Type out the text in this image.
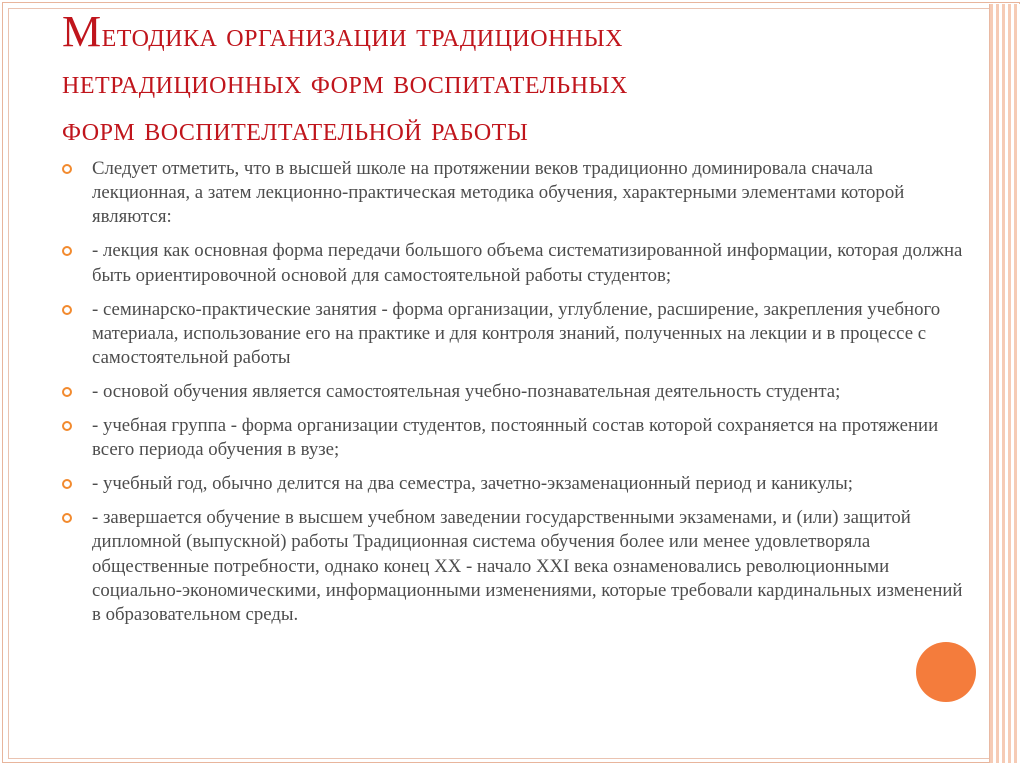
Методика организации традиционных
нетрадиционных форм воспитательных
форм воспителтательной работы
Следует отметить, что в высшей школе на протяжении веков традиционно доминировала сначала лекционная, а затем лекционно-практическая методика обучения, характерными элементами которой являются:
- лекция как основная форма передачи большого объема систематизированной информации, которая должна быть ориентировочной основой для самостоятельной работы студентов;
- семинарско-практические занятия - форма организации, углубление, расширение, закрепления учебного материала, использование его на практике и для контроля знаний, полученных на лекции и в процессе с самостоятельной работы
- основой обучения является самостоятельная учебно-познавательная деятельность студента;
- учебная группа - форма организации студентов, постоянный состав которой сохраняется на протяжении всего периода обучения в вузе;
- учебный год, обычно делится на два семестра, зачетно-экзаменационный период и каникулы;
- завершается обучение в высшем учебном заведении государственными экзаменами, и (или) защитой дипломной (выпускной) работы Традиционная система обучения более или менее удовлетворяла общественные потребности, однако конец XX - начало XXI века ознаменовались революционными социально-экономическими, информационными изменениями, которые требовали кардинальных изменений в образовательном среды.
